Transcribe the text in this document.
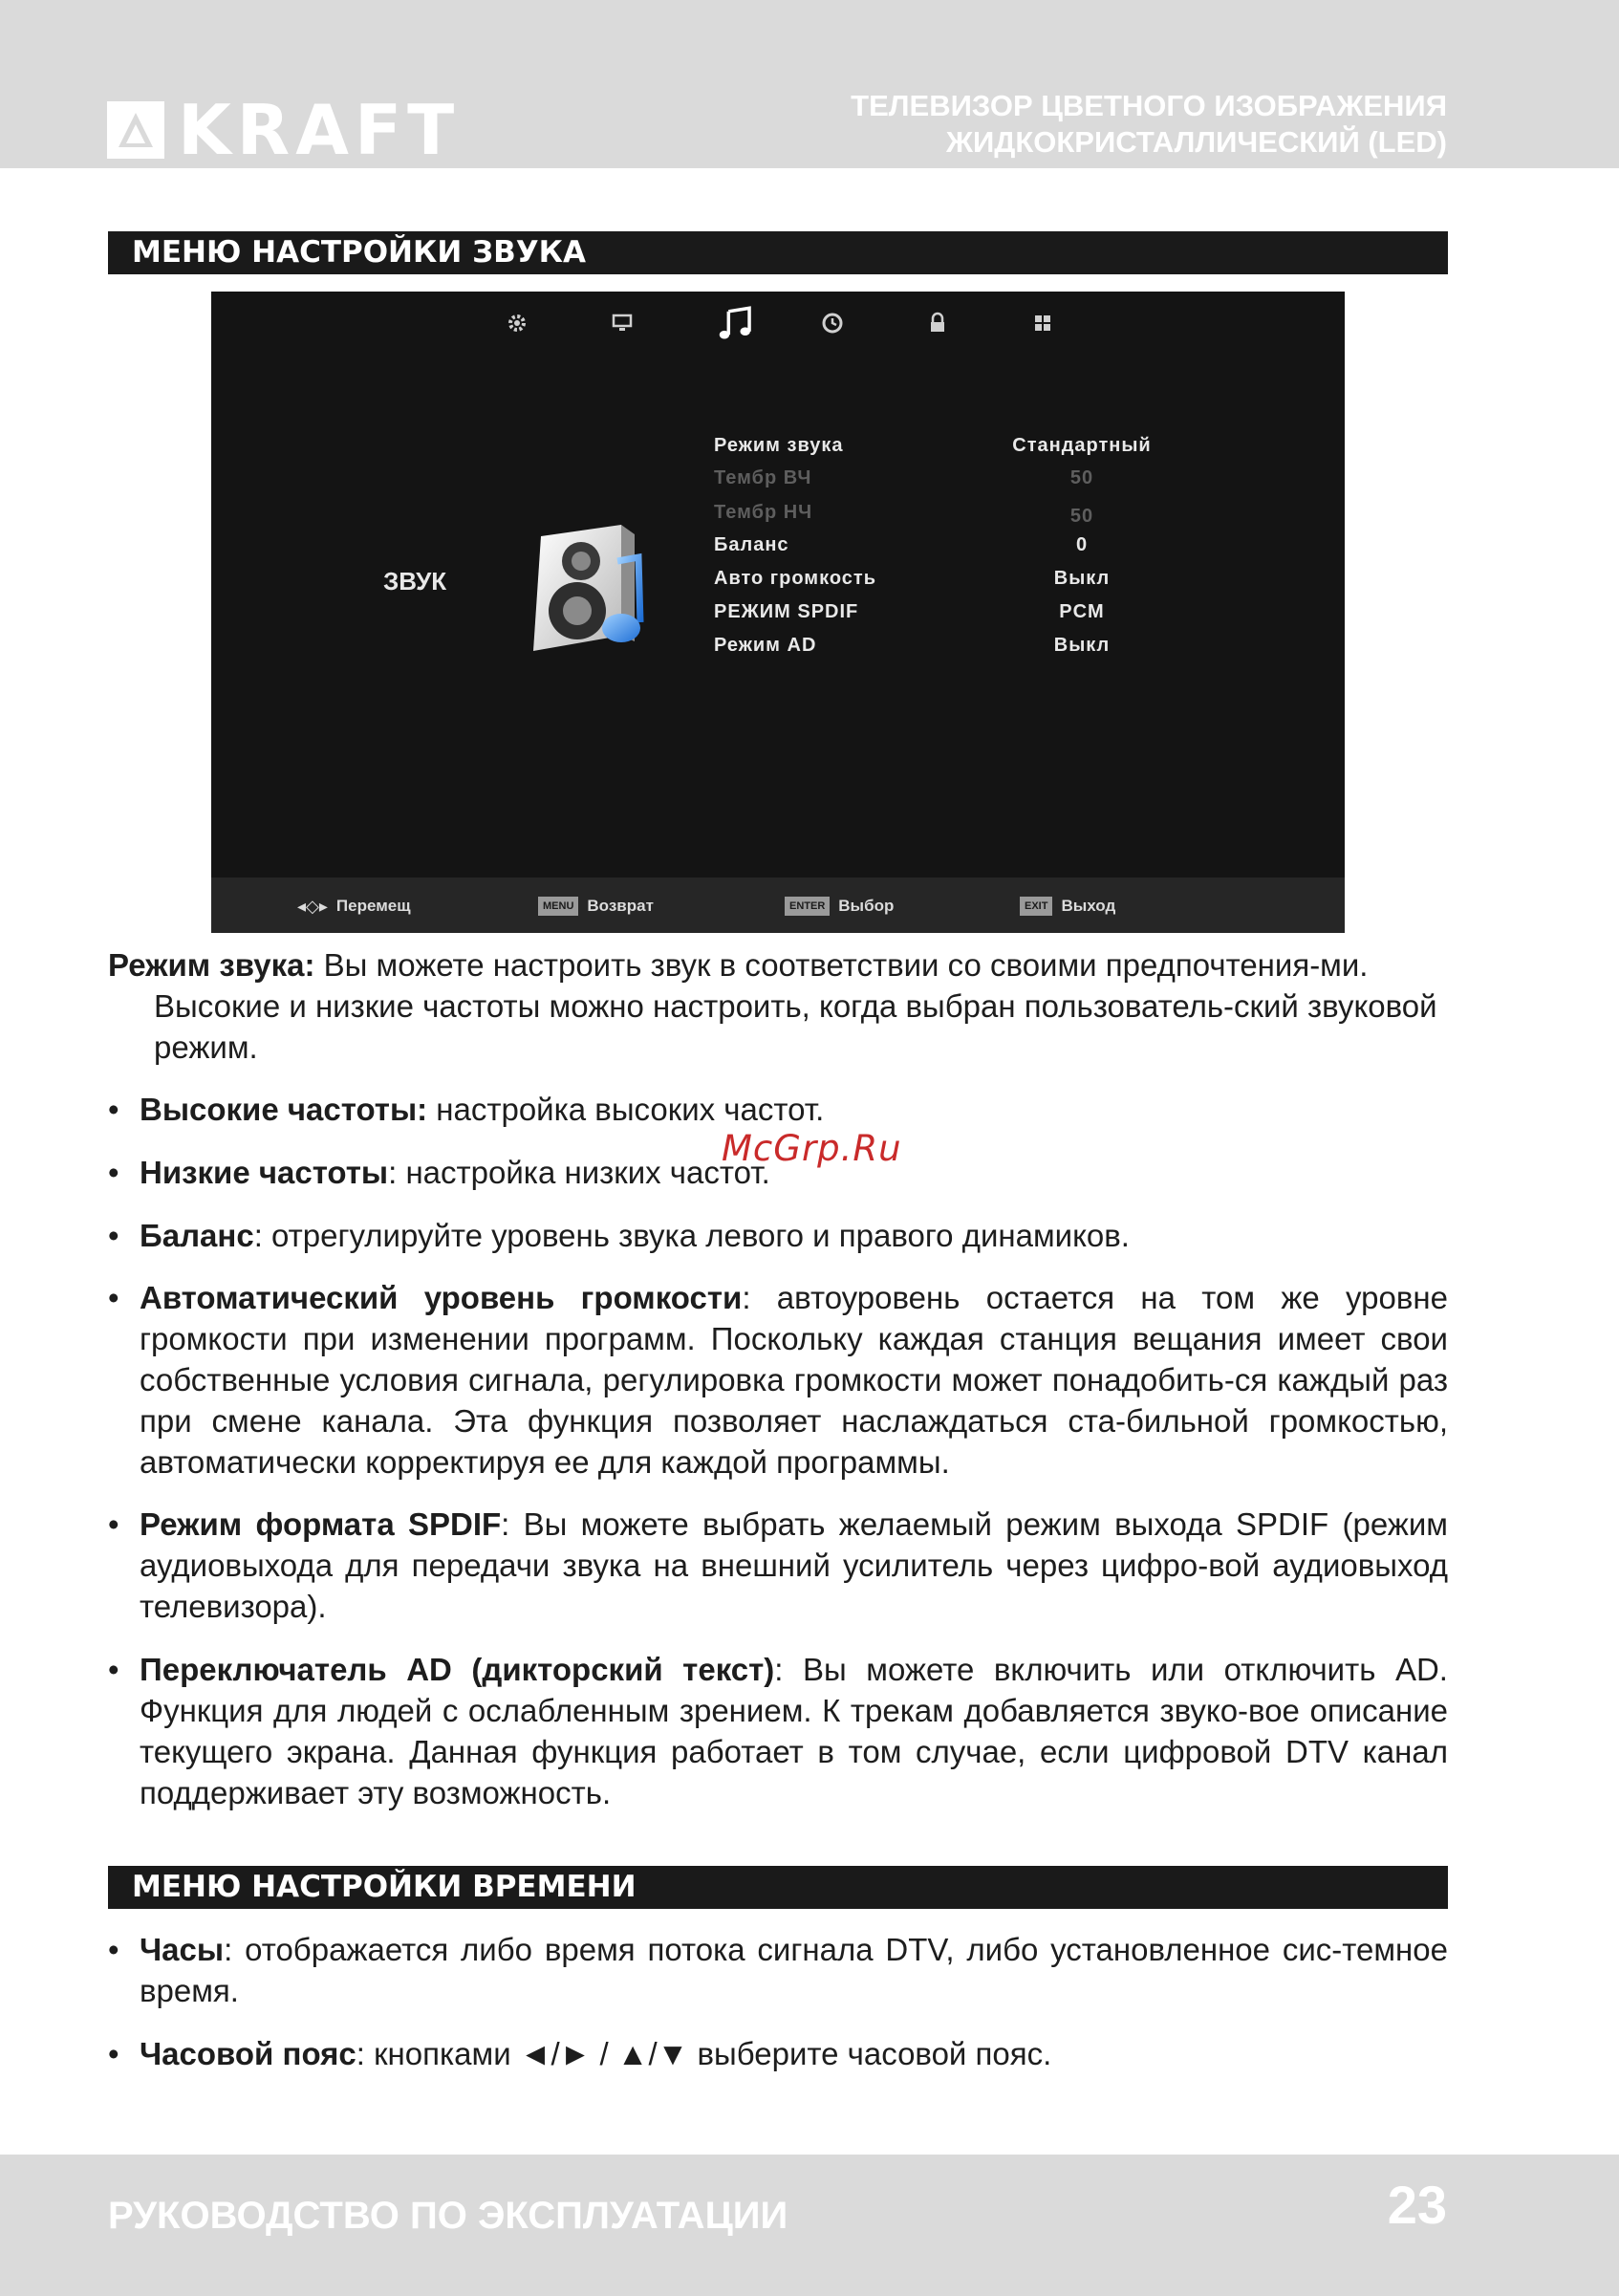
KRAFT	ТЕЛЕВИЗОР ЦВЕТНОГО ИЗОБРАЖЕНИЯ
ЖИДКОКРИСТАЛЛИЧЕСКИЙ (LED)
МЕНЮ НАСТРОЙКИ ЗВУКА
ЗВУК
Режим звука	Стандартный
Тембр ВЧ	50
Тембр НЧ	50
Баланс	0
Авто громкость	Выкл
РЕЖИМ SPDIF	PCM
Режим AD	Выкл
◂◇▸ Перемещ	MENU Возврат	ENTER Выбор	EXIT Выход
Режим звука: Вы можете настроить звук в соответствии со своими предпочтения-ми. Высокие и низкие частоты можно настроить, когда выбран пользователь-ский звуковой режим.
• Высокие частоты: настройка высоких частот.
• Низкие частоты: настройка низких частот.
• Баланс: отрегулируйте уровень звука левого и правого динамиков.
• Автоматический уровень громкости: автоуровень остается на том же уровне громкости при изменении программ. Поскольку каждая станция вещания имеет свои собственные условия сигнала, регулировка громкости может понадобить-ся каждый раз при смене канала. Эта функция позволяет наслаждаться ста-бильной громкостью, автоматически корректируя ее для каждой программы.
• Режим формата SPDIF: Вы можете выбрать желаемый режим выхода SPDIF (режим аудиовыхода для передачи звука на внешний усилитель через цифро-вой аудиовыход телевизора).
• Переключатель AD (дикторский текст): Вы можете включить или отключить AD. Функция для людей с ослабленным зрением. К трекам добавляется звуко-вое описание текущего экрана. Данная функция работает в том случае, если цифровой DTV канал поддерживает эту возможность.
McGrp.Ru
МЕНЮ НАСТРОЙКИ ВРЕМЕНИ
• Часы: отображается либо время потока сигнала DTV, либо установленное сис-темное время.
• Часовой пояс: кнопками ◄/► / ▲/▼ выберите часовой пояс.
РУКОВОДСТВО ПО ЭКСПЛУАТАЦИИ	23
